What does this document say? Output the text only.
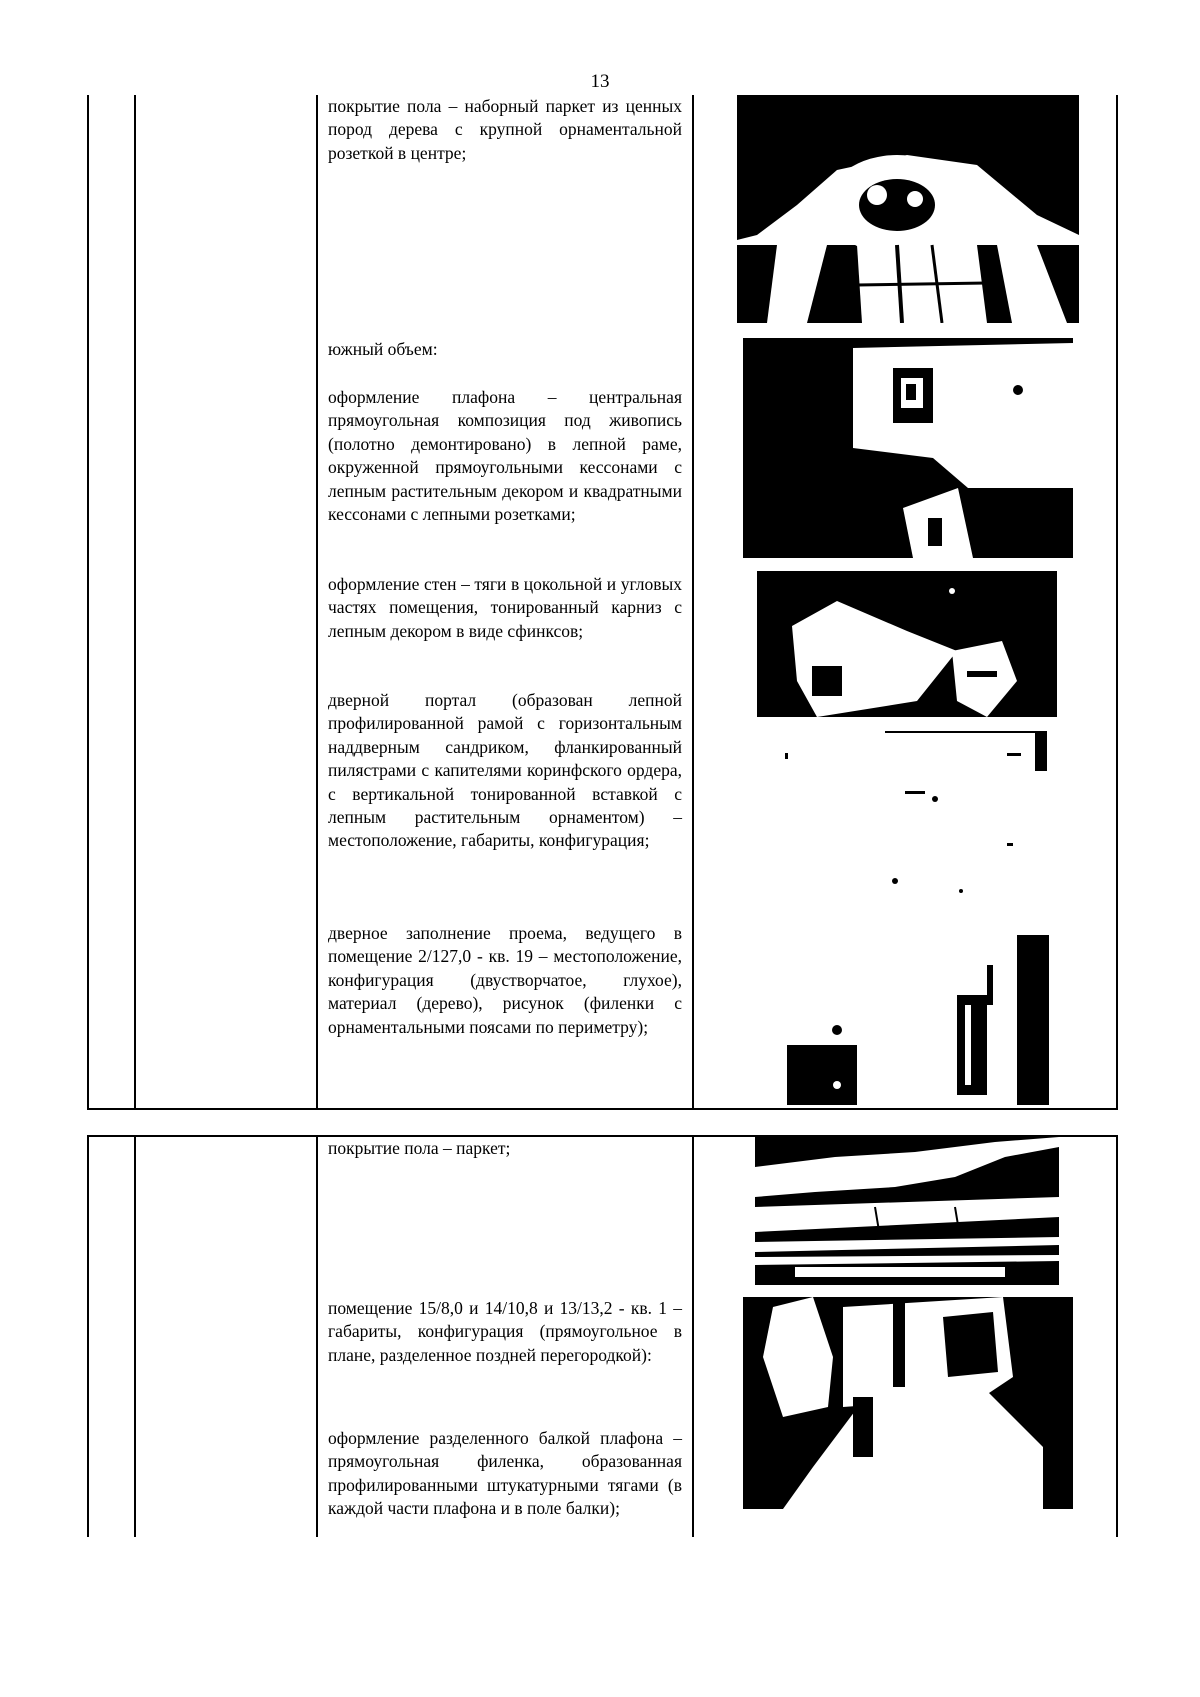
13

покрытие пола – наборный паркет из ценных пород дерева с крупной орнаментальной розеткой в центре;

южный объем:

оформление плафона – центральная прямоугольная композиция под живопись (полотно демонтировано) в лепной раме, окруженной прямоугольными кессонами с лепным растительным декором и квадратными кессонами с лепными розетками;

оформление стен – тяги в цокольной и угловых частях помещения, тонированный карниз с лепным декором в виде сфинксов;

дверной портал (образован лепной профилированной рамой с горизонтальным наддверным сандриком, фланкированный пилястрами с капителями коринфского ордера, с вертикальной тонированной вставкой с лепным растительным орнаментом) – местоположение, габариты, конфигурация;

дверное заполнение проема, ведущего в помещение 2/127,0 - кв. 19 – местоположение, конфигурация (двустворчатое, глухое), материал (дерево), рисунок (филенки с орнаментальными поясами по периметру);

покрытие пола – паркет;

помещение 15/8,0 и 14/10,8 и 13/13,2 - кв. 1 – габариты, конфигурация (прямоугольное в плане, разделенное поздней перегородкой):

оформление разделенного балкой плафона – прямоугольная филенка, образованная профилированными штукатурными тягами (в каждой части плафона и в поле балки);
